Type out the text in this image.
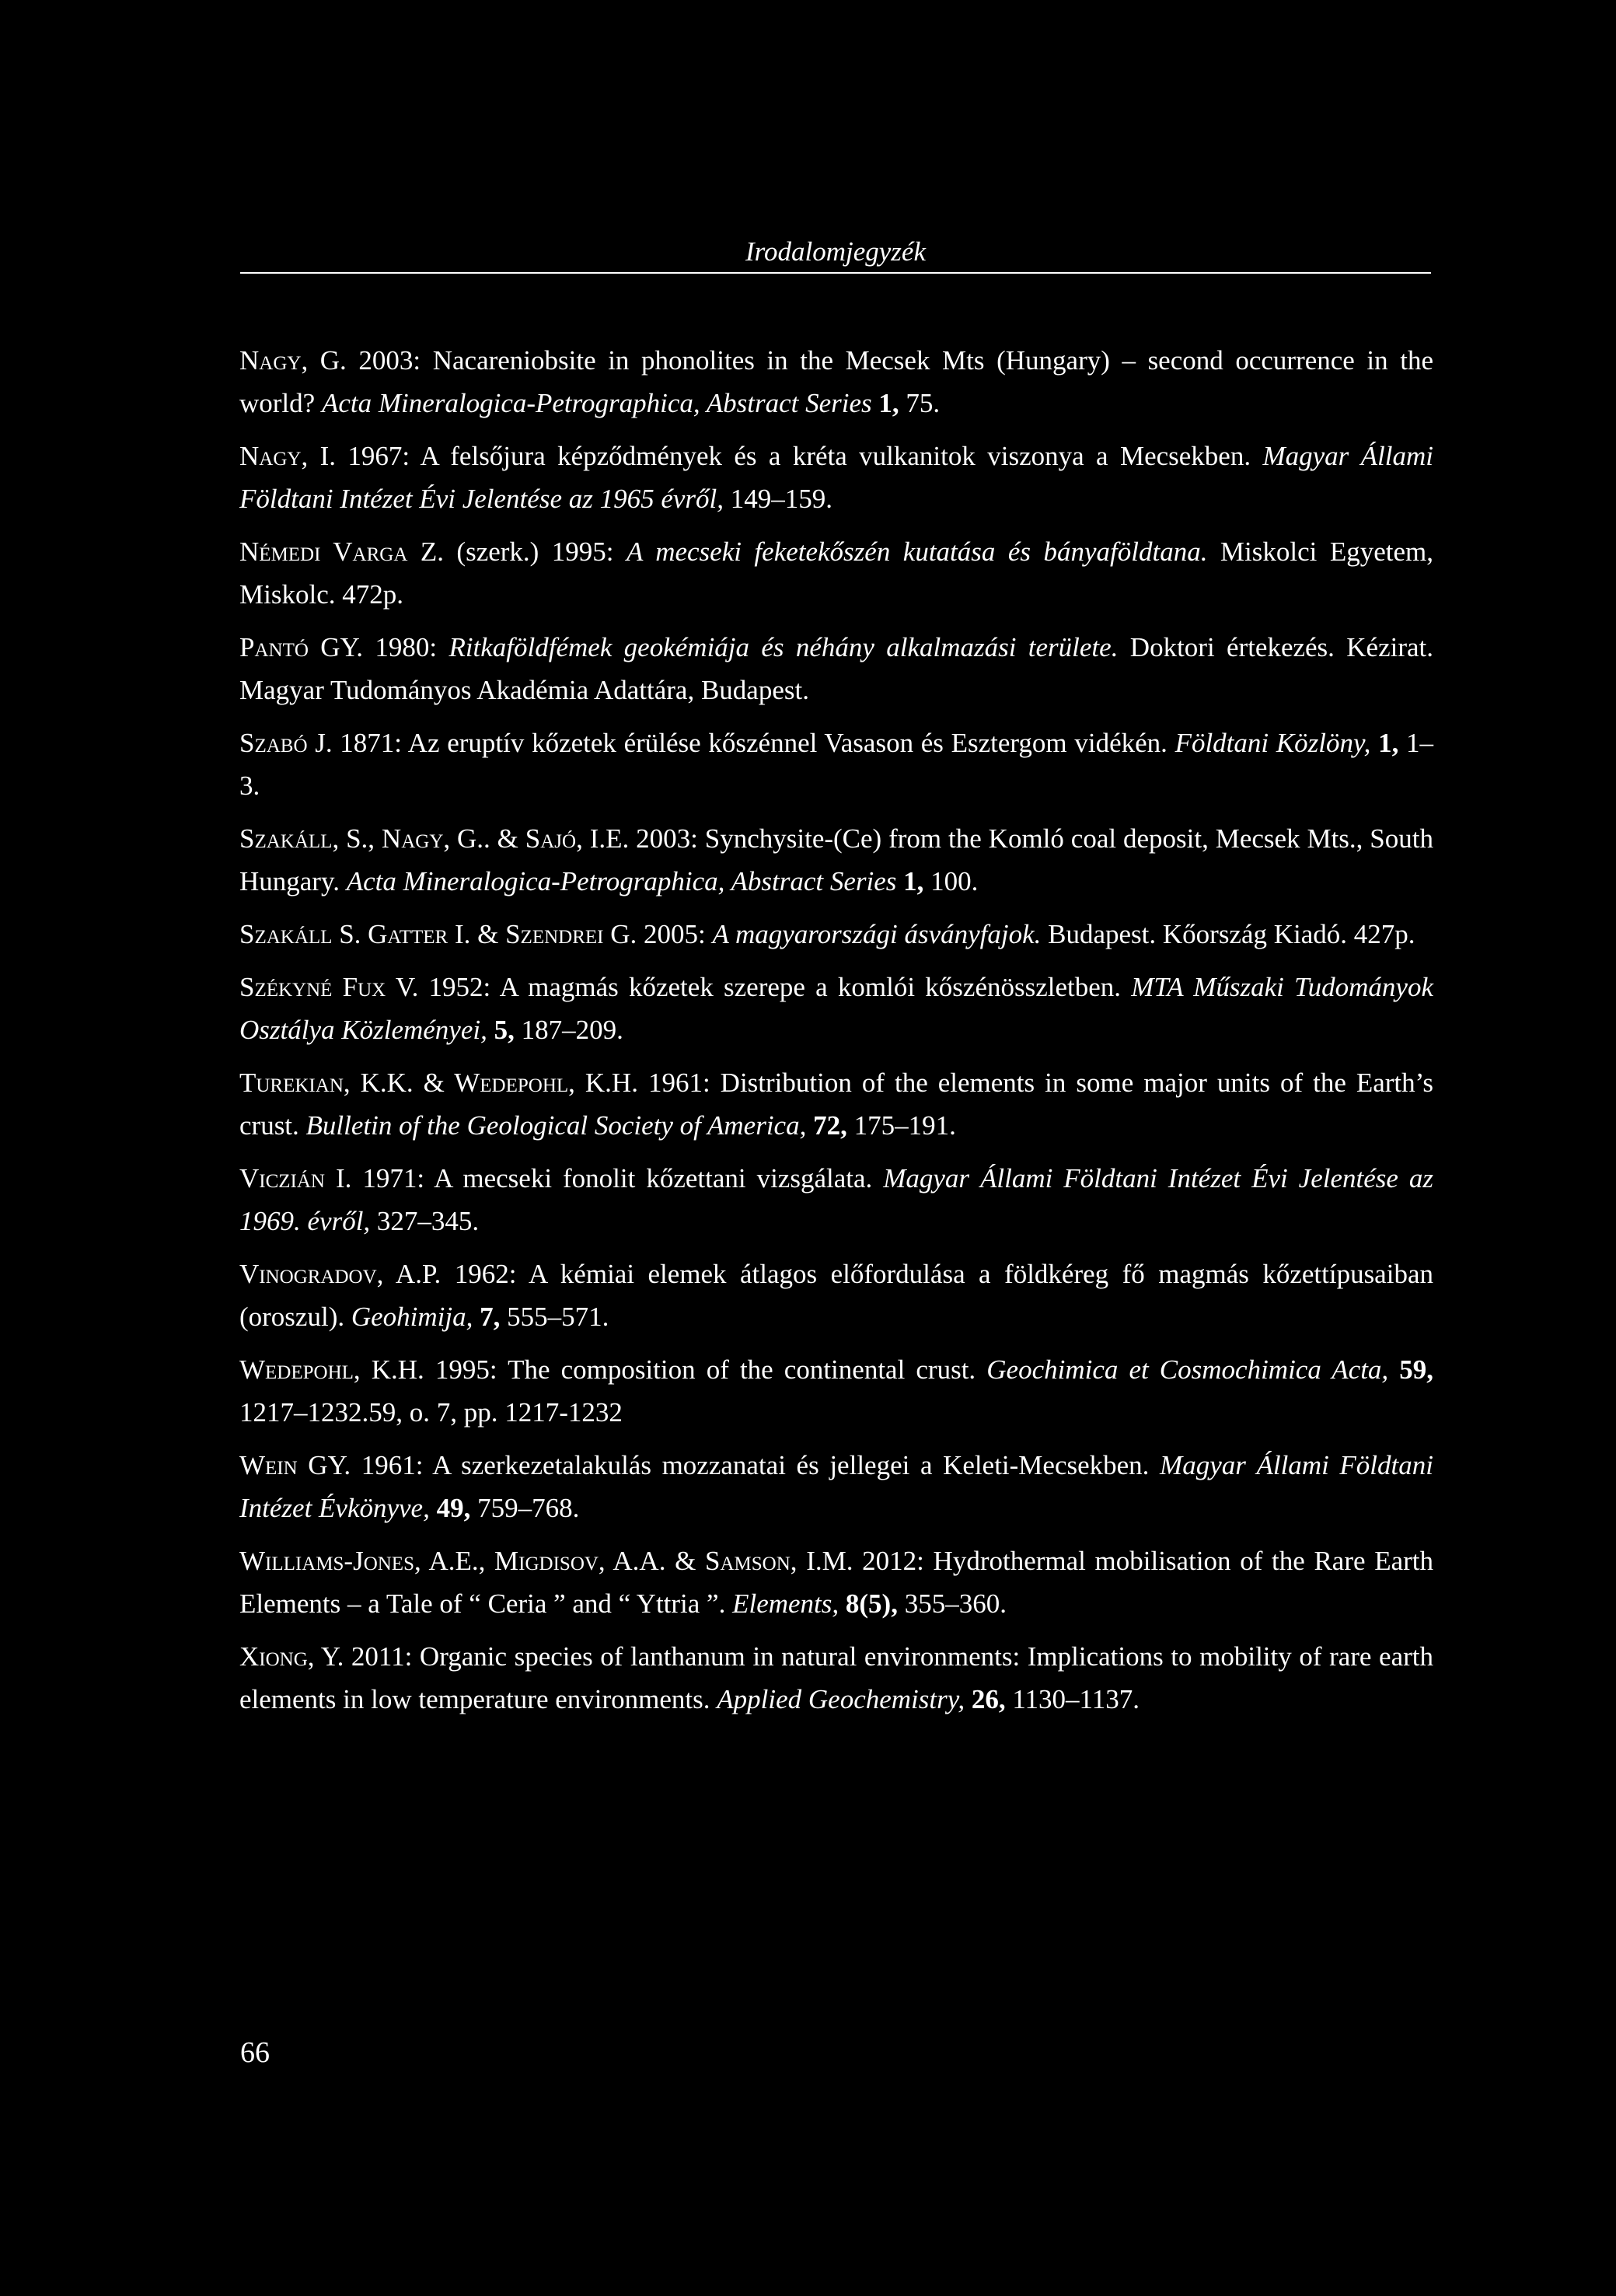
Irodalomjegyzék

Nagy, G. 2003: Nacareniobsite in phonolites in the Mecsek Mts (Hungary) – second occurrence in the world? Acta Mineralogica-Petrographica, Abstract Series 1, 75.

Nagy, I. 1967: A felsőjura képződmények és a kréta vulkanitok viszonya a Mecsekben. Magyar Állami Földtani Intézet Évi Jelentése az 1965 évről, 149–159.

Némedi Varga Z. (szerk.) 1995: A mecseki feketekőszén kutatása és bányaföldtana. Miskolci Egyetem, Miskolc. 472p.

Pantó GY. 1980: Ritkaföldfémek geokémiája és néhány alkalmazási területe. Doktori értekezés. Kézirat. Magyar Tudományos Akadémia Adattára, Budapest.

Szabó J. 1871: Az eruptív kőzetek érülése kőszénnel Vasason és Esztergom vidékén. Földtani Közlöny, 1, 1–3.

Szakáll, S., Nagy, G.. & Sajó, I.E. 2003: Synchysite-(Ce) from the Komló coal deposit, Mecsek Mts., South Hungary. Acta Mineralogica-Petrographica, Abstract Series 1, 100.

Szakáll S. Gatter I. & Szendrei G. 2005: A magyarországi ásványfajok. Budapest. Kőország Kiadó. 427p.

Székyné Fux V. 1952: A magmás kőzetek szerepe a komlói kőszénösszletben. MTA Műszaki Tudományok Osztálya Közleményei, 5, 187–209.

Turekian, K.K. & Wedepohl, K.H. 1961: Distribution of the elements in some major units of the Earth’s crust. Bulletin of the Geological Society of America, 72, 175–191.

Viczián I. 1971: A mecseki fonolit kőzettani vizsgálata. Magyar Állami Földtani Intézet Évi Jelentése az 1969. évről, 327–345.

Vinogradov, A.P. 1962: A kémiai elemek átlagos előfordulása a földkéreg fő magmás kőzettípusaiban (oroszul). Geohimija, 7, 555–571.

Wedepohl, K.H. 1995: The composition of the continental crust. Geochimica et Cosmochimica Acta, 59, 1217–1232.59, o. 7, pp. 1217-1232

Wein GY. 1961: A szerkezetalakulás mozzanatai és jellegei a Keleti-Mecsekben. Magyar Állami Földtani Intézet Évkönyve, 49, 759–768.

Williams-Jones, A.E., Migdisov, A.A. & Samson, I.M. 2012: Hydrothermal mobilisation of the Rare Earth Elements – a Tale of “ Ceria ” and “ Yttria ”. Elements, 8(5), 355–360.

Xiong, Y. 2011: Organic species of lanthanum in natural environments: Implications to mobility of rare earth elements in low temperature environments. Applied Geochemistry, 26, 1130–1137.

66
